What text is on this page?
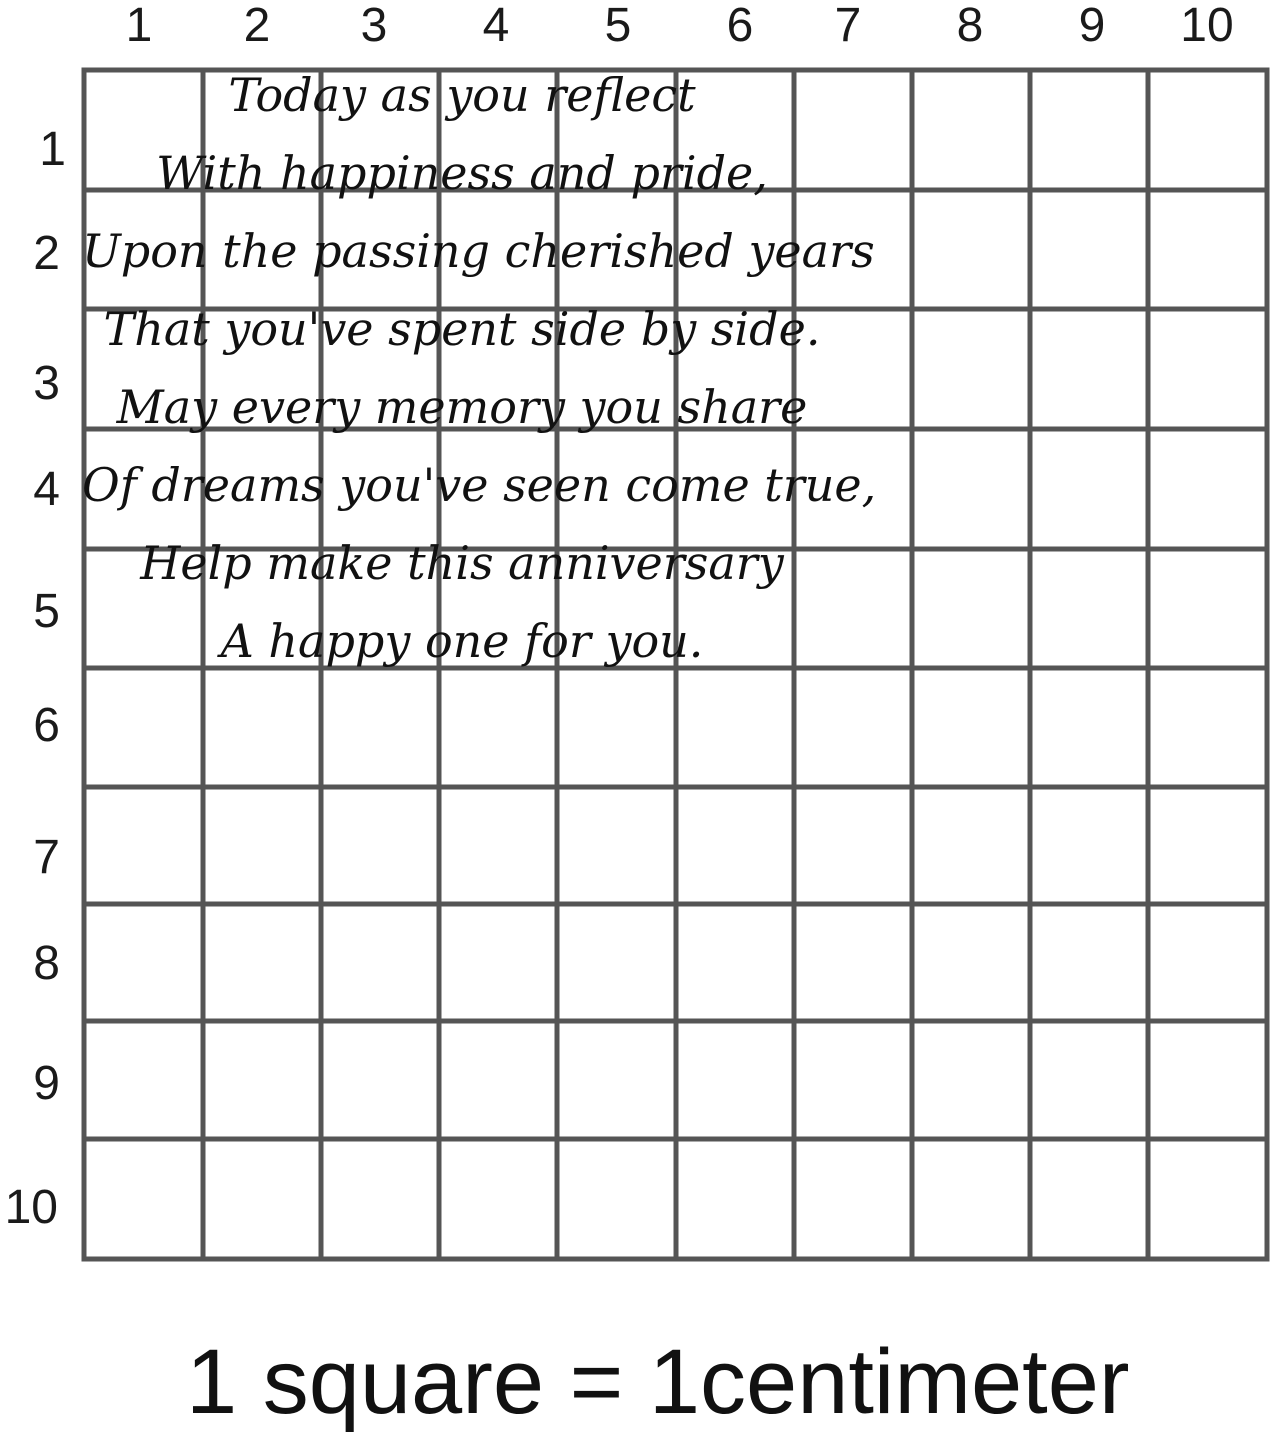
1 2 3 4 5 6 7 8 9 10
1
2
3
4
5
6
7
8
9
10
Today as you reflect
With happiness and pride,
Upon the passing cherished years
That you've spent side by side.
May every memory you share
Of dreams you've seen come true,
Help make this anniversary
A happy one for you.
1 square = 1centimeter
